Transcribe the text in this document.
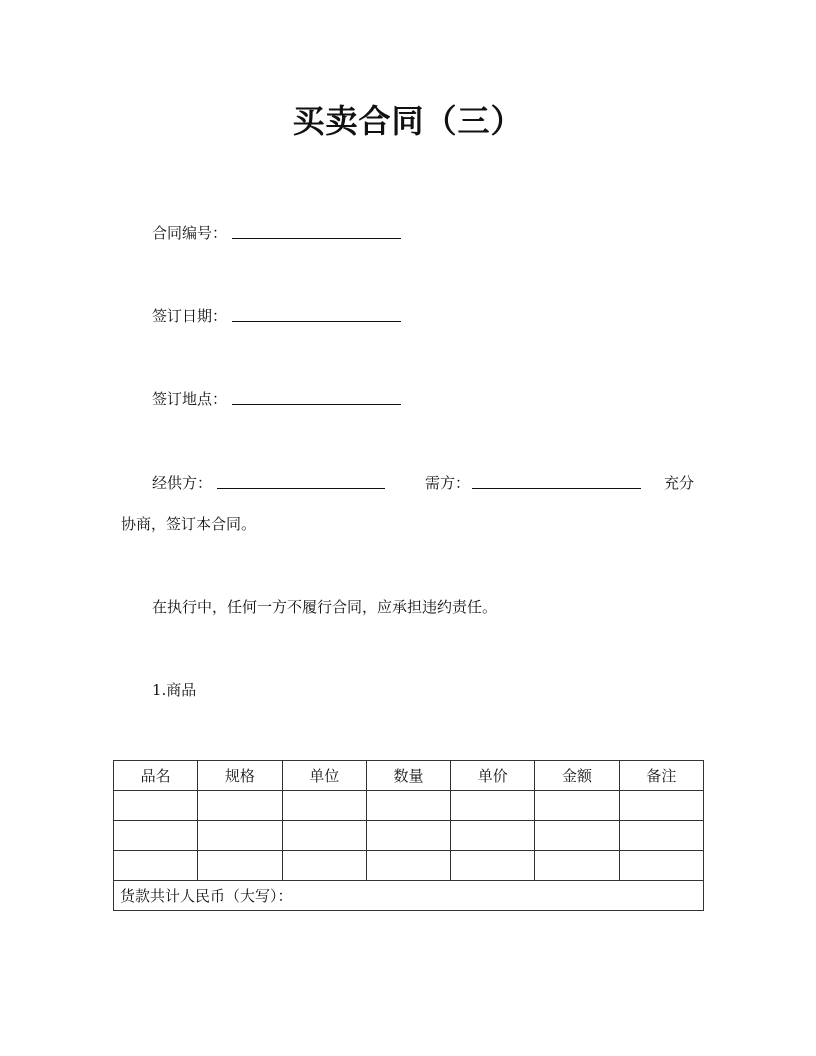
买卖合同（三）
合同编号：
签订日期：
签订地点：
经供方：	需方：	充分
协商，签订本合同。
在执行中，任何一方不履行合同，应承担违约责任。
1.商品
品名	规格	单位	数量	单价	金额	备注

货款共计人民币（大写）：						
